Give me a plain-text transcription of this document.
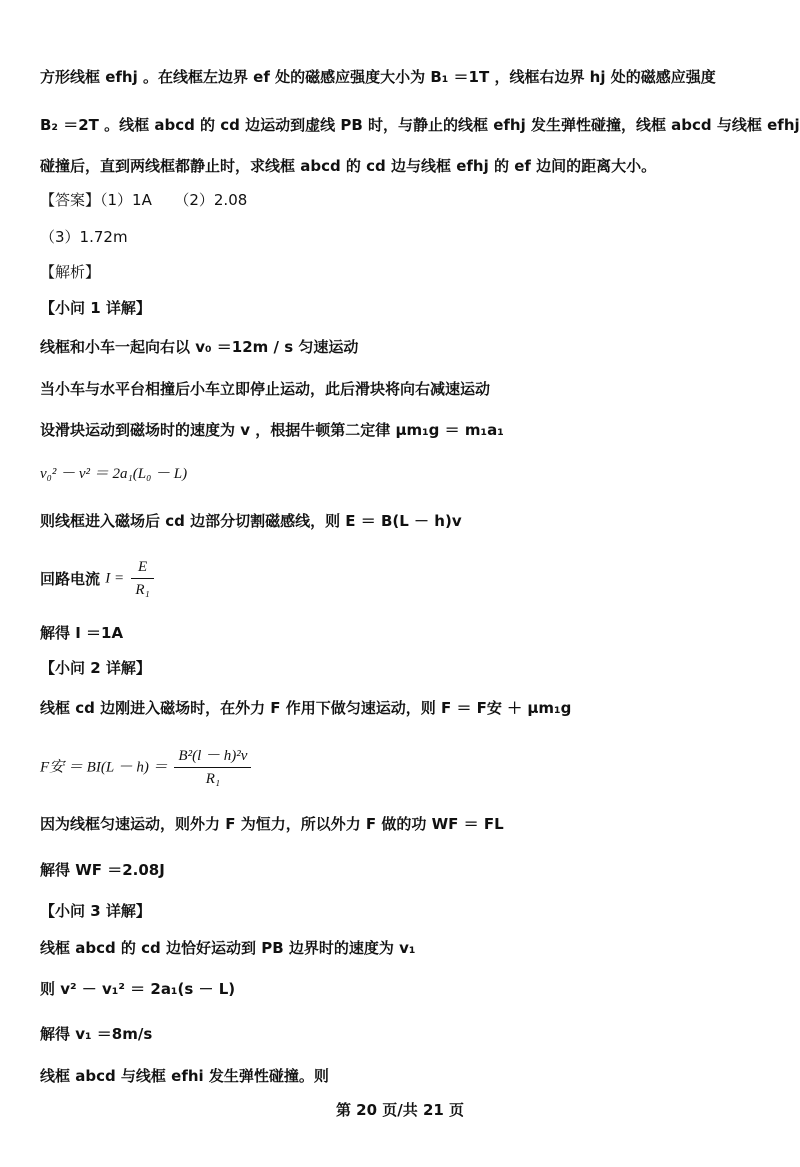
方形线框 efhj 。在线框左边界 ef 处的磁感应强度大小为 B₁ ＝1T ，线框右边界 hj 处的磁感应强度
B₂ ＝2T 。线框 abcd 的 cd 边运动到虚线 PB 时，与静止的线框 efhj 发生弹性碰撞，线框 abcd 与线框 efhj
碰撞后，直到两线框都静止时，求线框 abcd 的 cd 边与线框 efhj 的 ef 边间的距离大小。
【答案】（1）1A　　（2）2.08
（3）1.72m
【解析】
【小问 1 详解】
线框和小车一起向右以 v₀ ＝12m / s 匀速运动
当小车与水平台相撞后小车立即停止运动，此后滑块将向右减速运动
设滑块运动到磁场时的速度为 v ，根据牛顿第二定律 μm₁g ＝ m₁a₁
v₀² － v² ＝ 2a₁(L₀ － L)
则线框进入磁场后 cd 边部分切割磁感线，则 E ＝ B(L － h)v
回路电流 $I = \frac{E}{\text{R₁}}$
解得 I ＝1A
【小问 2 详解】
线框 cd 边刚进入磁场时，在外力 F 作用下做匀速运动，则 F ＝ F安 ＋ μm₁g
F安 ＝ $BI(L - h) = \frac{\text{B²(l － h)²v}}{\text{R₁}}$
因为线框匀速运动，则外力 F 为恒力，所以外力 F 做的功 WF ＝ FL
解得 WF ＝2.08J
【小问 3 详解】
线框 abcd 的 cd 边恰好运动到 PB 边界时的速度为 v₁
则 v² － v₁² ＝ 2a₁(s － L)
解得 v₁ ＝8m/s
线框 abcd 与线框 efhi 发生弹性碰撞。则
第 20 页/共 21 页
